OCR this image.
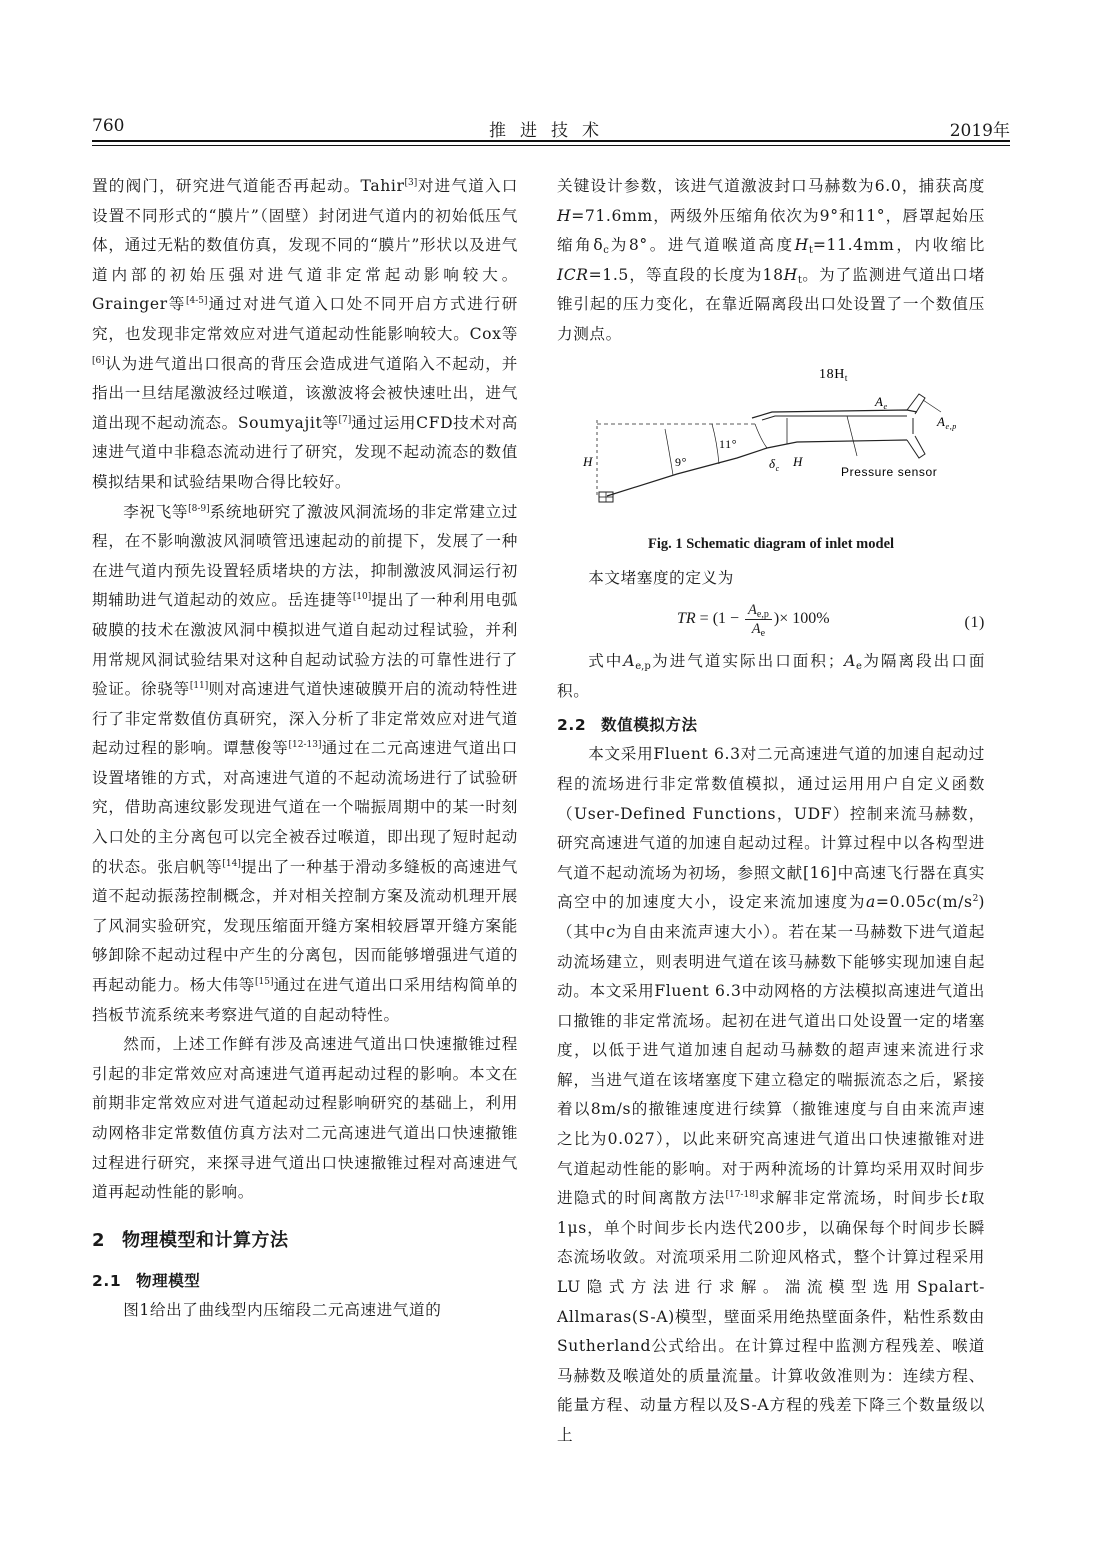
760	推进技术	2019年

置的阀门，研究进气道能否再起动。Tahir[3]对进气道入口设置不同形式的“膜片”（固壁）封闭进气道内的初始低压气体，通过无粘的数值仿真，发现不同的“膜片”形状以及进气道内部的初始压强对进气道非定常起动影响较大。Grainger等[4-5]通过对进气道入口处不同开启方式进行研究，也发现非定常效应对进气道起动性能影响较大。Cox等[6]认为进气道出口很高的背压会造成进气道陷入不起动，并指出一旦结尾激波经过喉道，该激波将会被快速吐出，进气道出现不起动流态。Soumyajit等[7]通过运用CFD技术对高速进气道中非稳态流动进行了研究，发现不起动流态的数值模拟结果和试验结果吻合得比较好。

李祝飞等[8-9]系统地研究了激波风洞流场的非定常建立过程，在不影响激波风洞喷管迅速起动的前提下，发展了一种在进气道内预先设置轻质堵块的方法，抑制激波风洞运行初期辅助进气道起动的效应。岳连捷等[10]提出了一种利用电弧破膜的技术在激波风洞中模拟进气道自起动过程试验，并利用常规风洞试验结果对这种自起动试验方法的可靠性进行了验证。徐骁等[11]则对高速进气道快速破膜开启的流动特性进行了非定常数值仿真研究，深入分析了非定常效应对进气道起动过程的影响。谭慧俊等[12-13]通过在二元高速进气道出口设置堵锥的方式，对高速进气道的不起动流场进行了试验研究，借助高速纹影发现进气道在一个喘振周期中的某一时刻入口处的主分离包可以完全被吞过喉道，即出现了短时起动的状态。张启帆等[14]提出了一种基于滑动多缝板的高速进气道不起动振荡控制概念，并对相关控制方案及流动机理开展了风洞实验研究，发现压缩面开缝方案相较唇罩开缝方案能够卸除不起动过程中产生的分离包，因而能够增强进气道的再起动能力。杨大伟等[15]通过在进气道出口采用结构简单的挡板节流系统来考察进气道的自起动特性。

然而，上述工作鲜有涉及高速进气道出口快速撤锥过程引起的非定常效应对高速进气道再起动过程的影响。本文在前期非定常效应对进气道起动过程影响研究的基础上，利用动网格非定常数值仿真方法对二元高速进气道出口快速撤锥过程进行研究，来探寻进气道出口快速撤锥过程对高速进气道再起动性能的影响。

2 物理模型和计算方法
2.1 物理模型

图1给出了曲线型内压缩段二元高速进气道的

关键设计参数，该进气道激波封口马赫数为6.0，捕获高度H=71.6mm，两级外压缩角依次为9°和11°，唇罩起始压缩角$\delta_c$为8°。进气道喉道高度$H_t=11.4mm$，内收缩比ICR=1.5，等直段的长度为$18H_t$。为了监测进气道出口堵锥引起的压力变化，在靠近隔离段出口处设置了一个数值压力测点。

$18H_t$
$A_e$
$A_{e,p}$
H	H
9°
11°
$\delta_c$	Pressure sensor
Fig. 1 Schematic diagram of inlet model

本文堵塞度的定义为

TR = ($1 - \frac{A_{e,p}}{A_e}$ )× 100%	(1)

式中$A_{e,p}$为进气道实际出口面积；$A_e$为隔离段出口面积。

2.2 数值模拟方法

本文采用Fluent 6.3对二元高速进气道的加速自起动过程的流场进行非定常数值模拟，通过运用用户自定义函数（User-Defined Functions，UDF）控制来流马赫数，研究高速进气道的加速自起动过程。计算过程中以各构型进气道不起动流场为初场，参照文献[16]中高速飞行器在真实高空中的加速度大小，设定来流加速度为$a=0.05c(m/s^2)$（其中c为自由来流声速大小）。若在某一马赫数下进气道起动流场建立，则表明进气道在该马赫数下能够实现加速自起动。本文采用Fluent 6.3中动网格的方法模拟高速进气道出口撤锥的非定常流场。起初在进气道出口处设置一定的堵塞度，以低于进气道加速自起动马赫数的超声速来流进行求解，当进气道在该堵塞度下建立稳定的喘振流态之后，紧接着以8m/s的撤锥速度进行续算（撤锥速度与自由来流声速之比为0.027），以此来研究高速进气道出口快速撤锥对进气道起动性能的影响。对于两种流场的计算均采用双时间步进隐式的时间离散方法[17-18]求解非定常流场，时间步长t取1μs，单个时间步长内迭代200步，以确保每个时间步长瞬态流场收敛。对流项采用二阶迎风格式，整个计算过程采用LU隐式方法进行求解。湍流模型选用Spalart-Allmaras(S-A)模型，壁面采用绝热壁面条件，粘性系数由Sutherland公式给出。在计算过程中监测方程残差、喉道马赫数及喉道处的质量流量。计算收敛准则为：连续方程、能量方程、动量方程以及S-A方程的残差下降三个数量级以上
